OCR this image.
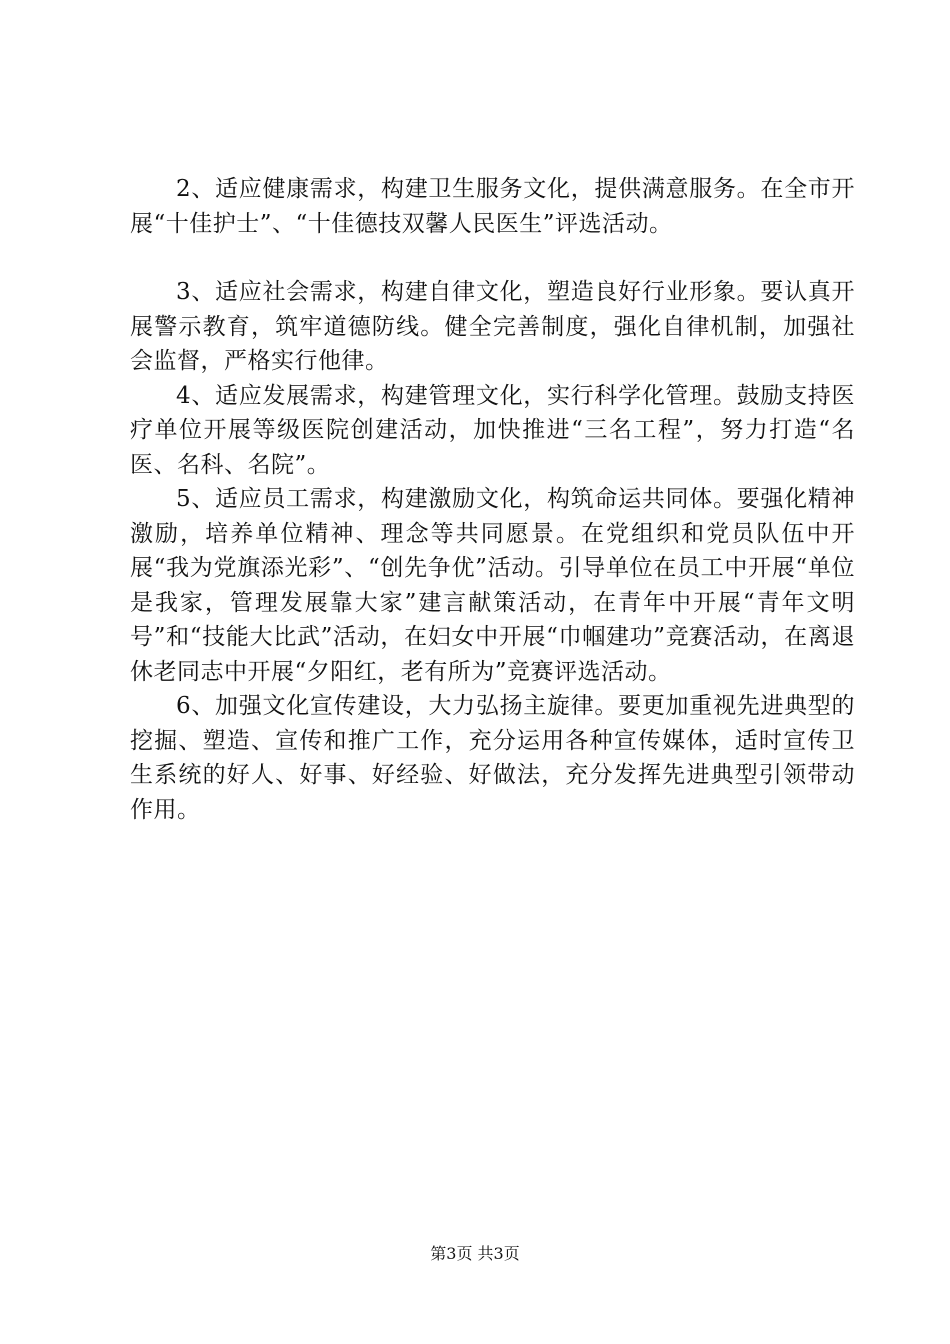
2、适应健康需求，构建卫生服务文化，提供满意服务。在全市开展“十佳护士”、“十佳德技双馨人民医生”评选活动。

3、适应社会需求，构建自律文化，塑造良好行业形象。要认真开展警示教育，筑牢道德防线。健全完善制度，强化自律机制，加强社会监督，严格实行他律。

4、适应发展需求，构建管理文化，实行科学化管理。鼓励支持医疗单位开展等级医院创建活动，加快推进“三名工程”，努力打造“名医、名科、名院”。

5、适应员工需求，构建激励文化，构筑命运共同体。要强化精神激励，培养单位精神、理念等共同愿景。在党组织和党员队伍中开展“我为党旗添光彩”、“创先争优”活动。引导单位在员工中开展“单位是我家，管理发展靠大家”建言献策活动，在青年中开展“青年文明号”和“技能大比武”活动，在妇女中开展“巾帼建功”竞赛活动，在离退休老同志中开展“夕阳红，老有所为”竞赛评选活动。

6、加强文化宣传建设，大力弘扬主旋律。要更加重视先进典型的挖掘、塑造、宣传和推广工作，充分运用各种宣传媒体，适时宣传卫生系统的好人、好事、好经验、好做法，充分发挥先进典型引领带动作用。

第3页 共3页
